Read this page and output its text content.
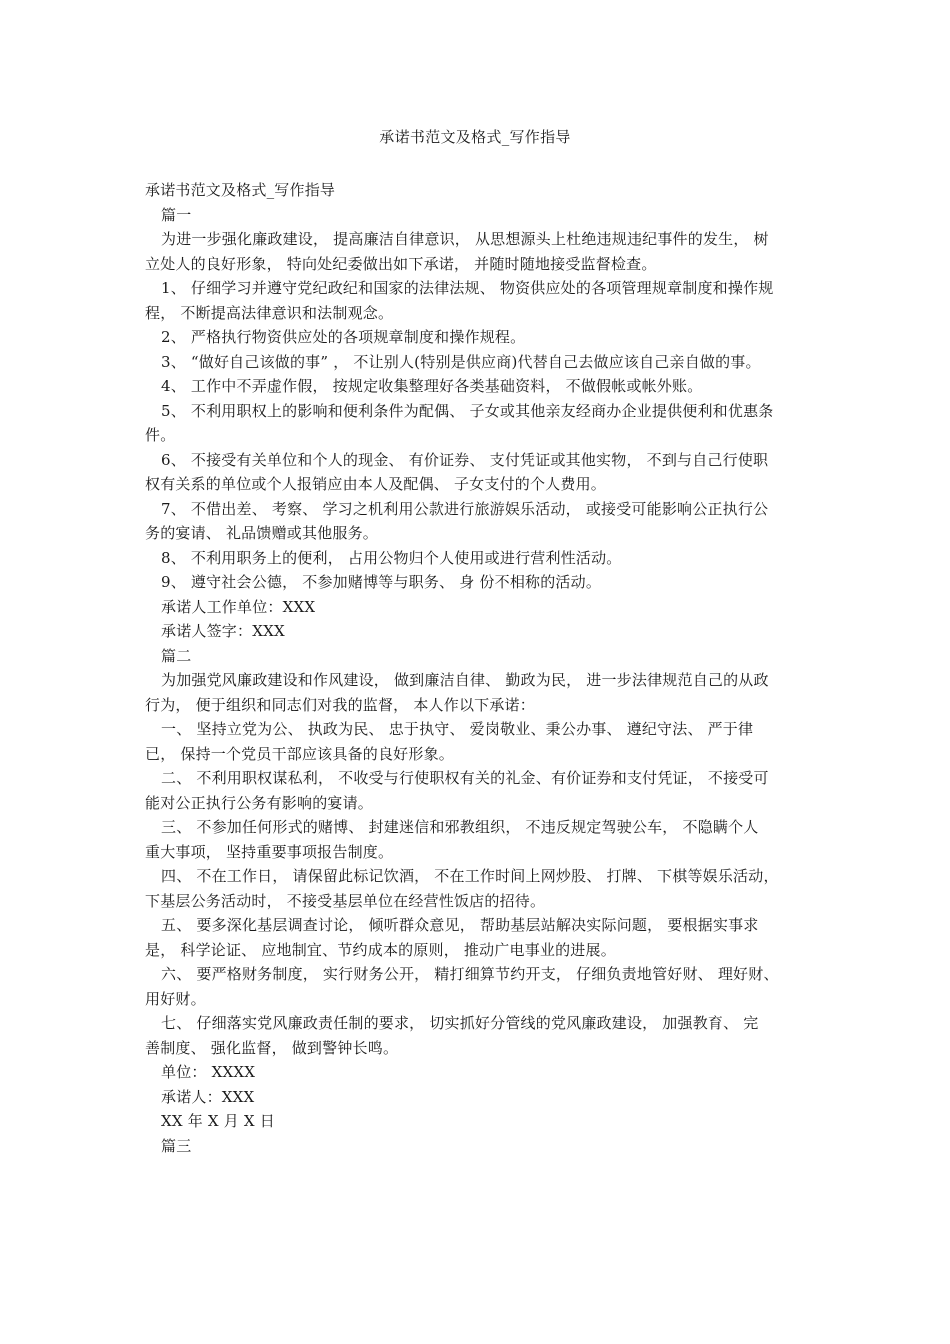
承诺书范文及格式_写作指导

承诺书范文及格式_写作指导

篇一

为进一步强化廉政建设， 提高廉洁自律意识， 从思想源头上杜绝违规违纪事件的发生， 树
立处人的良好形象， 特向处纪委做出如下承诺， 并随时随地接受监督检查。

1、 仔细学习并遵守党纪政纪和国家的法律法规、 物资供应处的各项管理规章制度和操作规
程， 不断提高法律意识和法制观念。

2、 严格执行物资供应处的各项规章制度和操作规程。

3、 “做好自己该做的事” ， 不让别人(特别是供应商)代替自己去做应该自己亲自做的事。

4、 工作中不弄虚作假， 按规定收集整理好各类基础资料， 不做假帐或帐外账。

5、 不利用职权上的影响和便利条件为配偶、 子女或其他亲友经商办企业提供便利和优惠条
件。

6、 不接受有关单位和个人的现金、 有价证券、 支付凭证或其他实物， 不到与自己行使职
权有关系的单位或个人报销应由本人及配偶、 子女支付的个人费用。

7、 不借出差、 考察、 学习之机利用公款进行旅游娱乐活动， 或接受可能影响公正执行公
务的宴请、 礼品馈赠或其他服务。

8、 不利用职务上的便利， 占用公物归个人使用或进行营利性活动。

9、 遵守社会公德， 不参加赌博等与职务、 身 份不相称的活动。

承诺人工作单位：XXX

承诺人签字：XXX

篇二

为加强党风廉政建设和作风建设， 做到廉洁自律、 勤政为民， 进一步法律规范自己的从政
行为， 便于组织和同志们对我的监督， 本人作以下承诺：

一、 坚持立党为公、 执政为民、 忠于执守、 爱岗敬业、秉公办事、 遵纪守法、 严于律
已， 保持一个党员干部应该具备的良好形象。

二、 不利用职权谋私利， 不收受与行使职权有关的礼金、有价证券和支付凭证， 不接受可
能对公正执行公务有影响的宴请。

三、 不参加任何形式的赌博、 封建迷信和邪教组织， 不违反规定驾驶公车， 不隐瞒个人
重大事项， 坚持重要事项报告制度。

四、 不在工作日， 请保留此标记饮酒， 不在工作时间上网炒股、 打牌、 下棋等娱乐活动，
下基层公务活动时， 不接受基层单位在经营性饭店的招待。

五、 要多深化基层调查讨论， 倾听群众意见， 帮助基层站解决实际问题， 要根据实事求
是， 科学论证、 应地制宜、节约成本的原则， 推动广电事业的进展。

六、 要严格财务制度， 实行财务公开， 精打细算节约开支， 仔细负责地管好财、 理好财、
用好财。

七、 仔细落实党风廉政责任制的要求， 切实抓好分管线的党风廉政建设， 加强教育、 完
善制度、 强化监督， 做到警钟长鸣。

单位： XXXX

承诺人：XXX

XX 年 X 月 X 日

篇三
